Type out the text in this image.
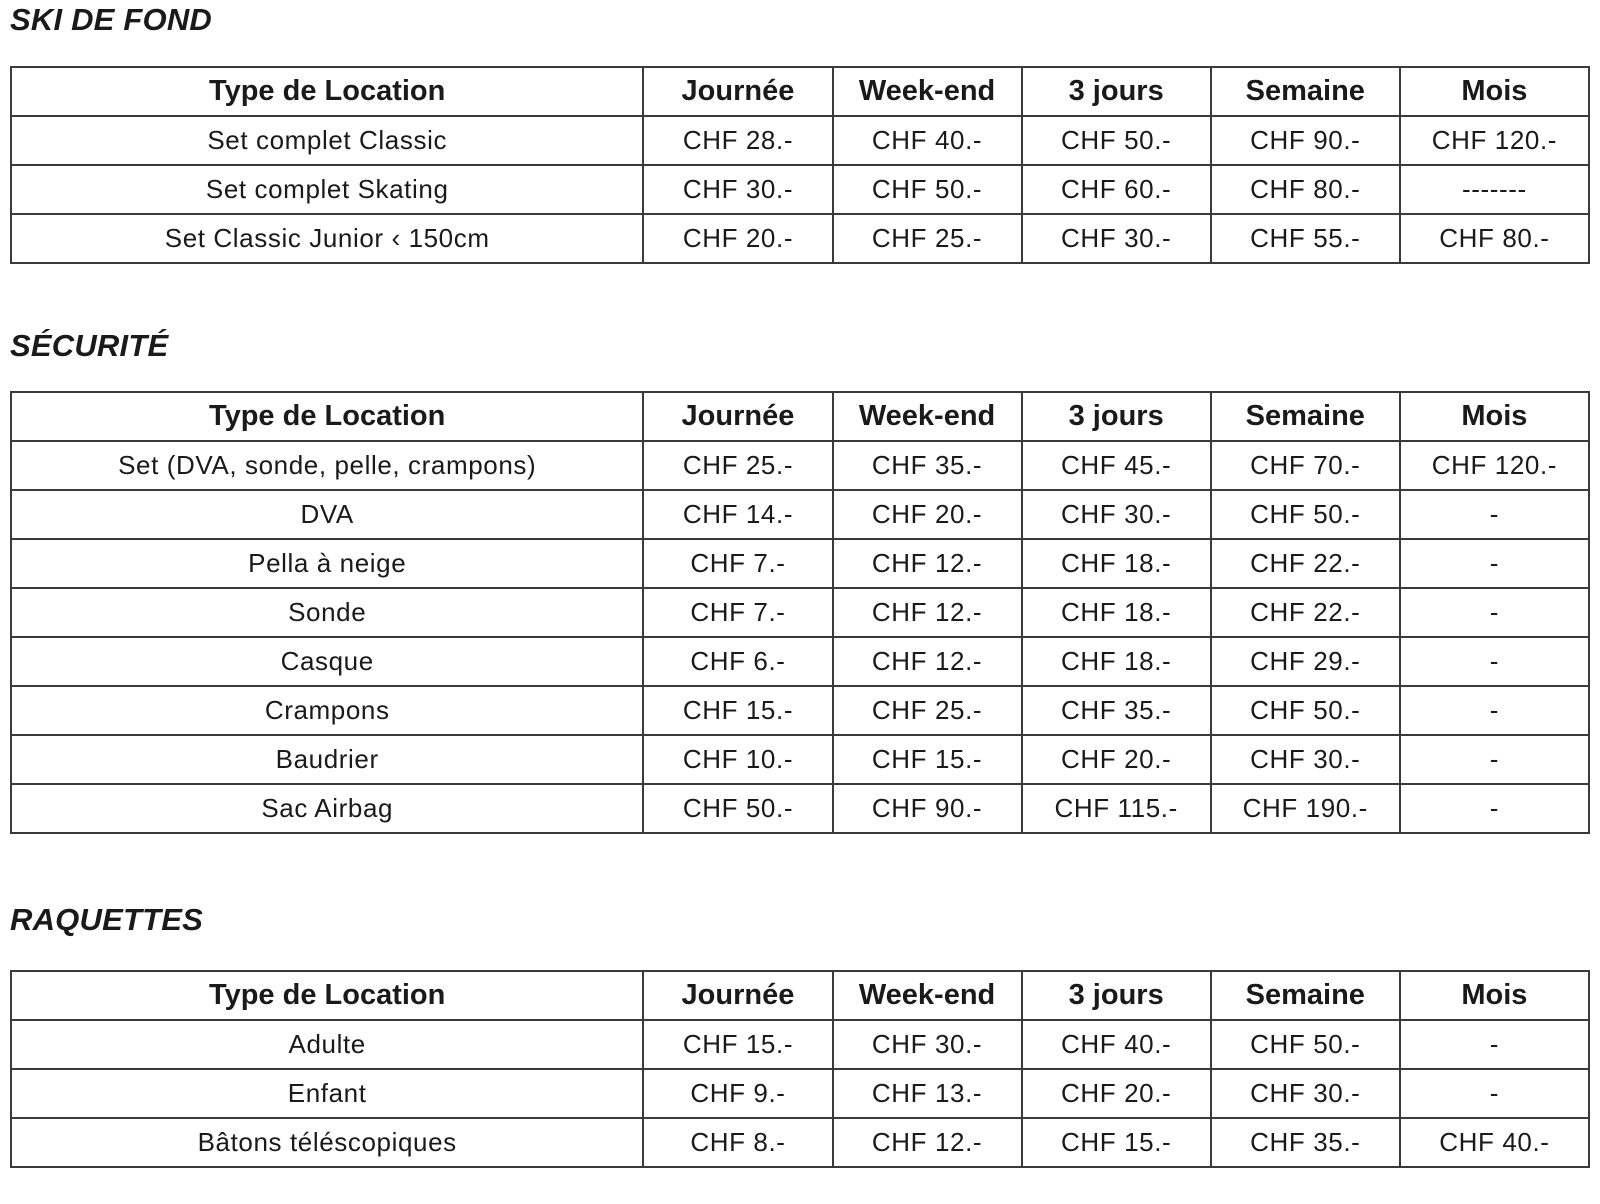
SKI DE FOND
Type de Location	Journée	Week-end	3 jours	Semaine	Mois
Set complet Classic	CHF 28.-	CHF 40.-	CHF 50.-	CHF 90.-	CHF 120.-
Set complet Skating	CHF 30.-	CHF 50.-	CHF 60.-	CHF 80.-	-------
Set Classic Junior ‹ 150cm	CHF 20.-	CHF 25.-	CHF 30.-	CHF 55.-	CHF 80.-
SÉCURITÉ
Type de Location	Journée	Week-end	3 jours	Semaine	Mois
Set (DVA, sonde, pelle, crampons)	CHF 25.-	CHF 35.-	CHF 45.-	CHF 70.-	CHF 120.-
DVA	CHF 14.-	CHF 20.-	CHF 30.-	CHF 50.-	-
Pella à neige	CHF 7.-	CHF 12.-	CHF 18.-	CHF 22.-	-
Sonde	CHF 7.-	CHF 12.-	CHF 18.-	CHF 22.-	-
Casque	CHF 6.-	CHF 12.-	CHF 18.-	CHF 29.-	-
Crampons	CHF 15.-	CHF 25.-	CHF 35.-	CHF 50.-	-
Baudrier	CHF 10.-	CHF 15.-	CHF 20.-	CHF 30.-	-
Sac Airbag	CHF 50.-	CHF 90.-	CHF 115.-	CHF 190.-	-
RAQUETTES
Type de Location	Journée	Week-end	3 jours	Semaine	Mois
Adulte	CHF 15.-	CHF 30.-	CHF 40.-	CHF 50.-	-
Enfant	CHF 9.-	CHF 13.-	CHF 20.-	CHF 30.-	-
Bâtons téléscopiques	CHF 8.-	CHF 12.-	CHF 15.-	CHF 35.-	CHF 40.-
